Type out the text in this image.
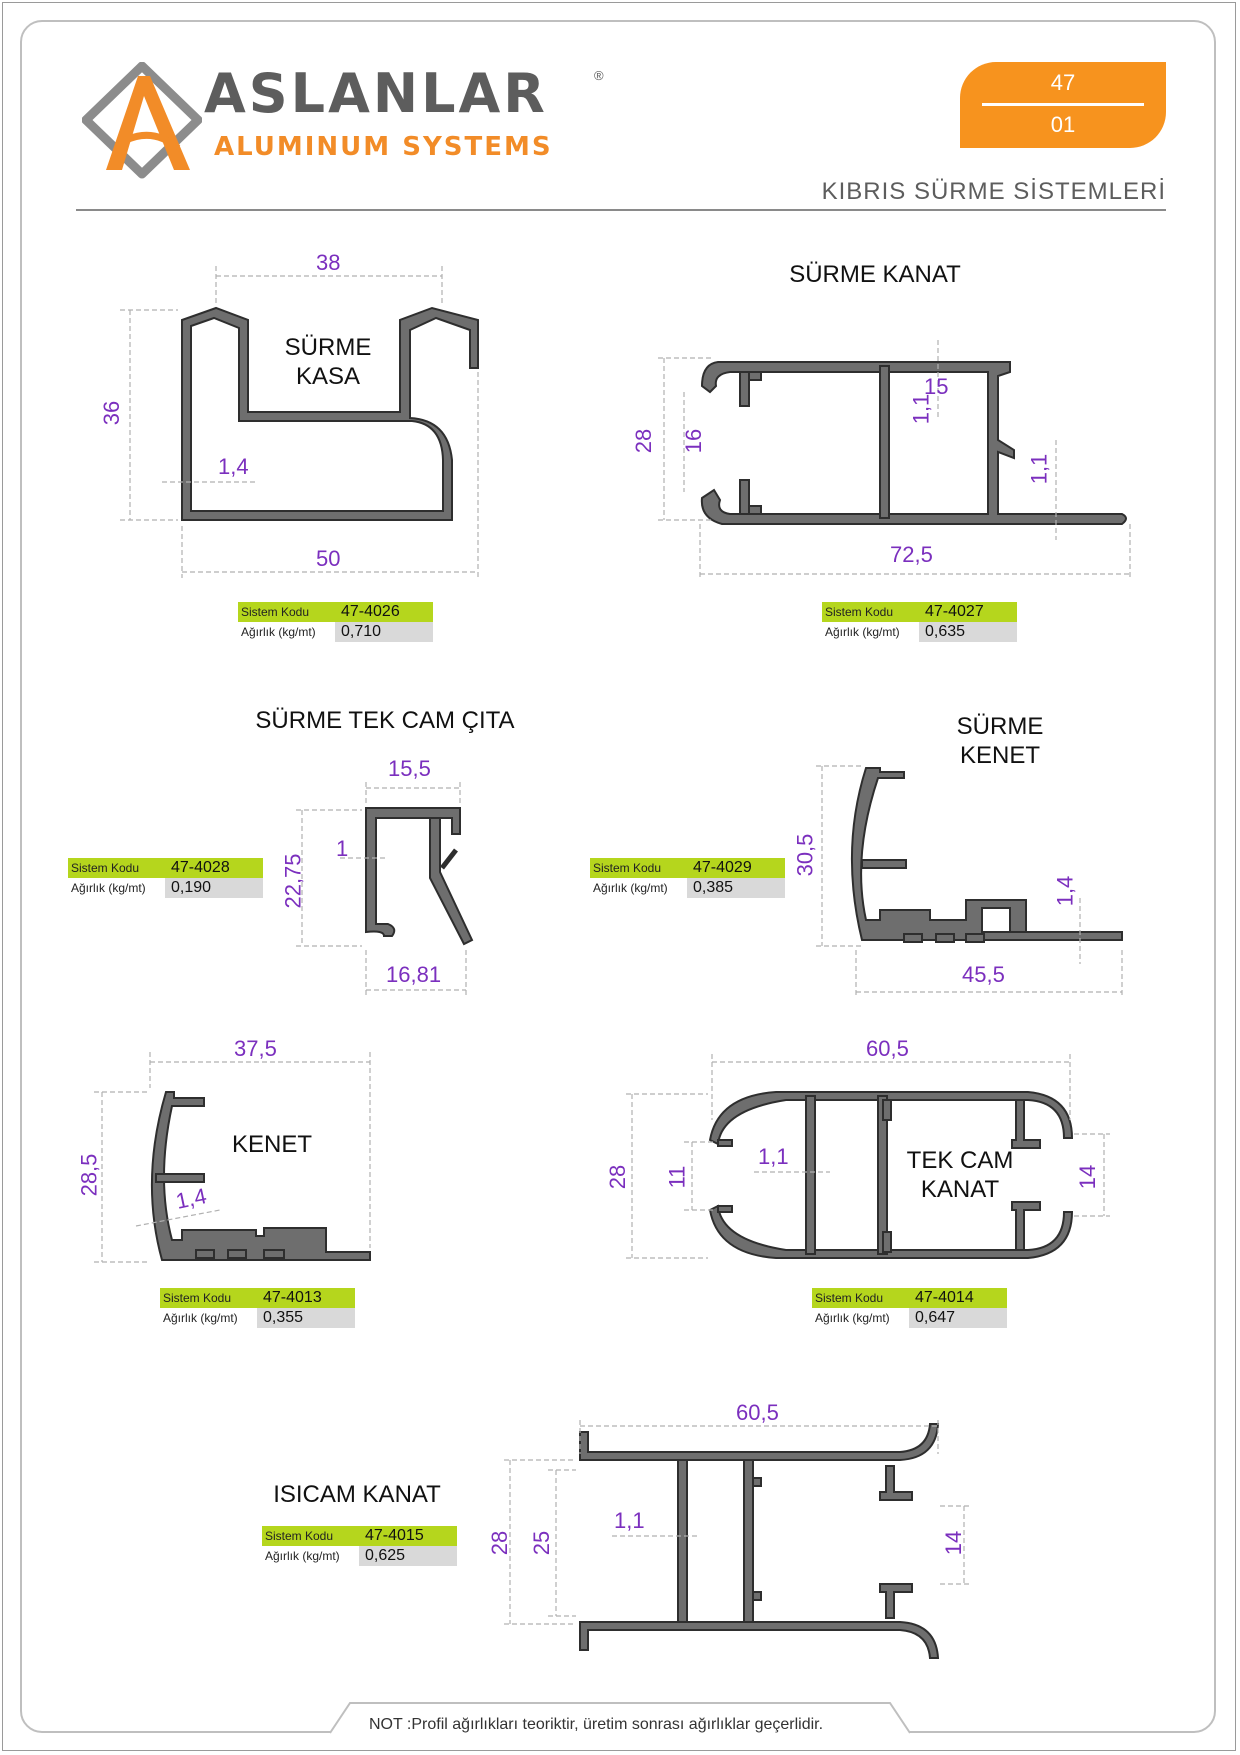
ASLANLAR	®
ALUMINUM SYSTEMS
47
01
KIBRIS SÜRME SİSTEMLERİ
SÜRME
KASA
SÜRME KANAT
SÜRME TEK CAM ÇITA	SÜRME
KENET
KENET
TEK CAM
KANAT
ISICAM KANAT
38
36
1,4
50
28 16
15
1,1
1,1
72,5
15,5
22,75
1
16,81
30,5
1,4
45,5
37,5
28,5
1,4
60,5
28 11
1,1
14
60,5
28 25
1,1
14
Sistem Kodu	47-4026
Ağırlık (kg/mt)	0,710
Sistem Kodu	47-4027
Ağırlık (kg/mt)	0,635
Sistem Kodu	47-4028
Ağırlık (kg/mt)	0,190
Sistem Kodu	47-4029
Ağırlık (kg/mt)	0,385
Sistem Kodu	47-4013
Ağırlık (kg/mt)	0,355
Sistem Kodu	47-4014
Ağırlık (kg/mt)	0,647
Sistem Kodu	47-4015
Ağırlık (kg/mt)	0,625
NOT :Profil ağırlıkları teoriktir, üretim sonrası ağırlıklar geçerlidir.
